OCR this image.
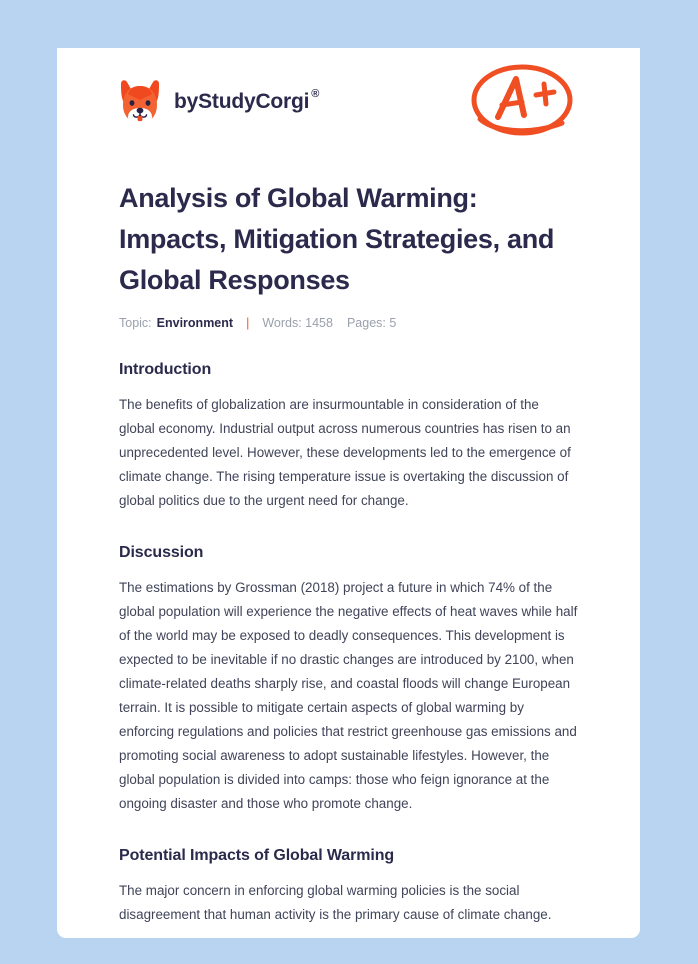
by StudyCorgi ®
Analysis of Global Warming: Impacts, Mitigation Strategies, and Global Responses
Topic: Environment | Words: 1458 Pages: 5
Introduction

The benefits of globalization are insurmountable in consideration of the global economy. Industrial output across numerous countries has risen to an unprecedented level. However, these developments led to the emergence of climate change. The rising temperature issue is overtaking the discussion of global politics due to the urgent need for change.

Discussion

The estimations by Grossman (2018) project a future in which 74% of the global population will experience the negative effects of heat waves while half of the world may be exposed to deadly consequences. This development is expected to be inevitable if no drastic changes are introduced by 2100, when climate-related deaths sharply rise, and coastal floods will change European terrain. It is possible to mitigate certain aspects of global warming by enforcing regulations and policies that restrict greenhouse gas emissions and promoting social awareness to adopt sustainable lifestyles. However, the global population is divided into camps: those who feign ignorance at the ongoing disaster and those who promote change.

Potential Impacts of Global Warming

The major concern in enforcing global warming policies is the social disagreement that human activity is the primary cause of climate change.
